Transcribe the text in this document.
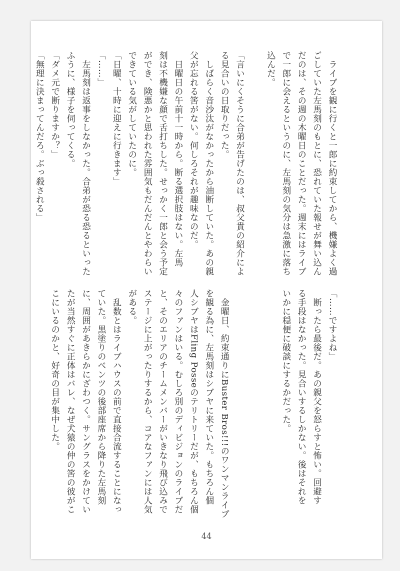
　ライブを観に行くと一郎に約束してから、機嫌よく過
ごしていた左馬刻のもとに、恐れていた報せが舞い込ん
だのは、その週の木曜日のことだった。週末にはライブ
で一郎に会えるというのに、左馬刻の気分は急激に落ち
込んだ。
「言いにくそうに合弟が告げたのは、叔父貴の紹介によ
る見合いの日取りだった。
　しばらく音沙汰がなかったから油断していた。あの親
父が忘れる筈がない。何しろそれが趣味なのだ。
　日曜日の午前十一時から。断る選択肢はない。左馬
刻は不機嫌な顔で舌打ちした。せっかく一郎と会う予定
ができ、険悪かと思われた雰囲気もだんだんとやわらい
できている気がしていたのに。
「日曜、十時に迎えに行きます」
「……」
　左馬刻は返事をしなかった。合弟が恐る恐るといった
ふうに、様子を伺ってくる。
「ダメ元で断りますか？」
「無理に決まってんだろ。ぶっ殺される」
「……ですよね」
　断ったら最後だ。あの親父を怒らすと怖い。回避す
る手段はなかった。見合いするしかない。後はそれを
いかに穏便に破談にするかだった。
　金曜日、約束通りにBuster Bros!!!のワンマンライブ
を観る為に、左馬刻はシブヤに来ていた。もちろん個
人シブヤはFling Posseのテリトリーだが、もちろん個
々のファンはいる。むしろ別のディビジョンのライブだ
と、そのエリアのチームメンバーがいきなり飛び込みで
ステージに上がったりするから、コアなファンには人気
がある。
　乱数とはライブハウスの前で直接合流することになっ
ていた。黒塗りのベンツの後部座席から降りた左馬刻
に、周囲があきらかにざわつく。サングラスをかけてい
たが当然すぐに正体はバレ、なぜ犬猿の仲の筈の彼がこ
こにいるのかと、好奇の目が集中した。
44
